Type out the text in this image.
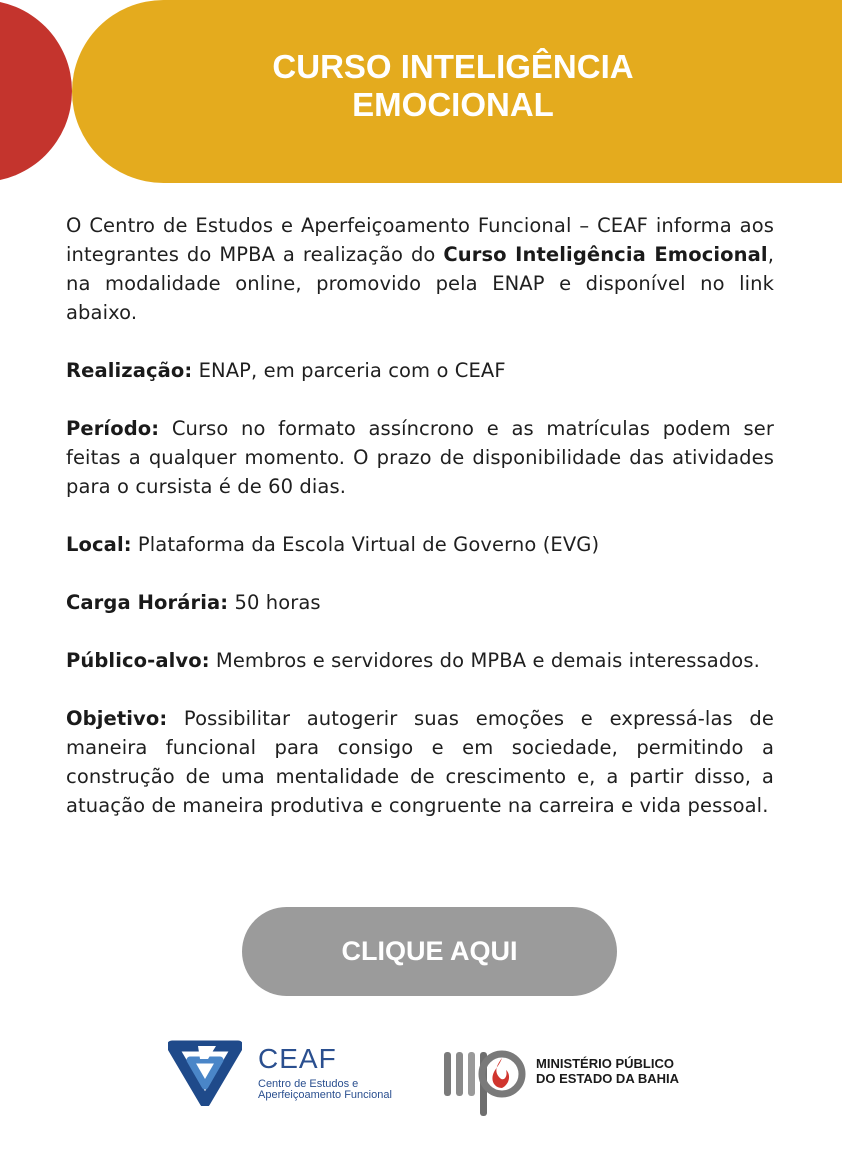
CURSO INTELIGÊNCIA
EMOCIONAL

O Centro de Estudos e Aperfeiçoamento Funcional – CEAF informa aos integrantes do MPBA a realização do Curso Inteligência Emocional, na modalidade online, promovido pela ENAP e disponível no link abaixo.

Realização: ENAP, em parceria com o CEAF

Período: Curso no formato assíncrono e as matrículas podem ser feitas a qualquer momento. O prazo de disponibilidade das atividades para o cursista é de 60 dias.

Local: Plataforma da Escola Virtual de Governo (EVG)

Carga Horária: 50 horas

Público-alvo: Membros e servidores do MPBA e demais interessados.

Objetivo: Possibilitar autogerir suas emoções e expressá-las de maneira funcional para consigo e em sociedade, permitindo a construção de uma mentalidade de crescimento e, a partir disso, a atuação de maneira produtiva e congruente na carreira e vida pessoal.

CLIQUE AQUI
CEAF
Centro de Estudos e
Aperfeiçoamento Funcional
MINISTÉRIO PÚBLICO
DO ESTADO DA BAHIA
